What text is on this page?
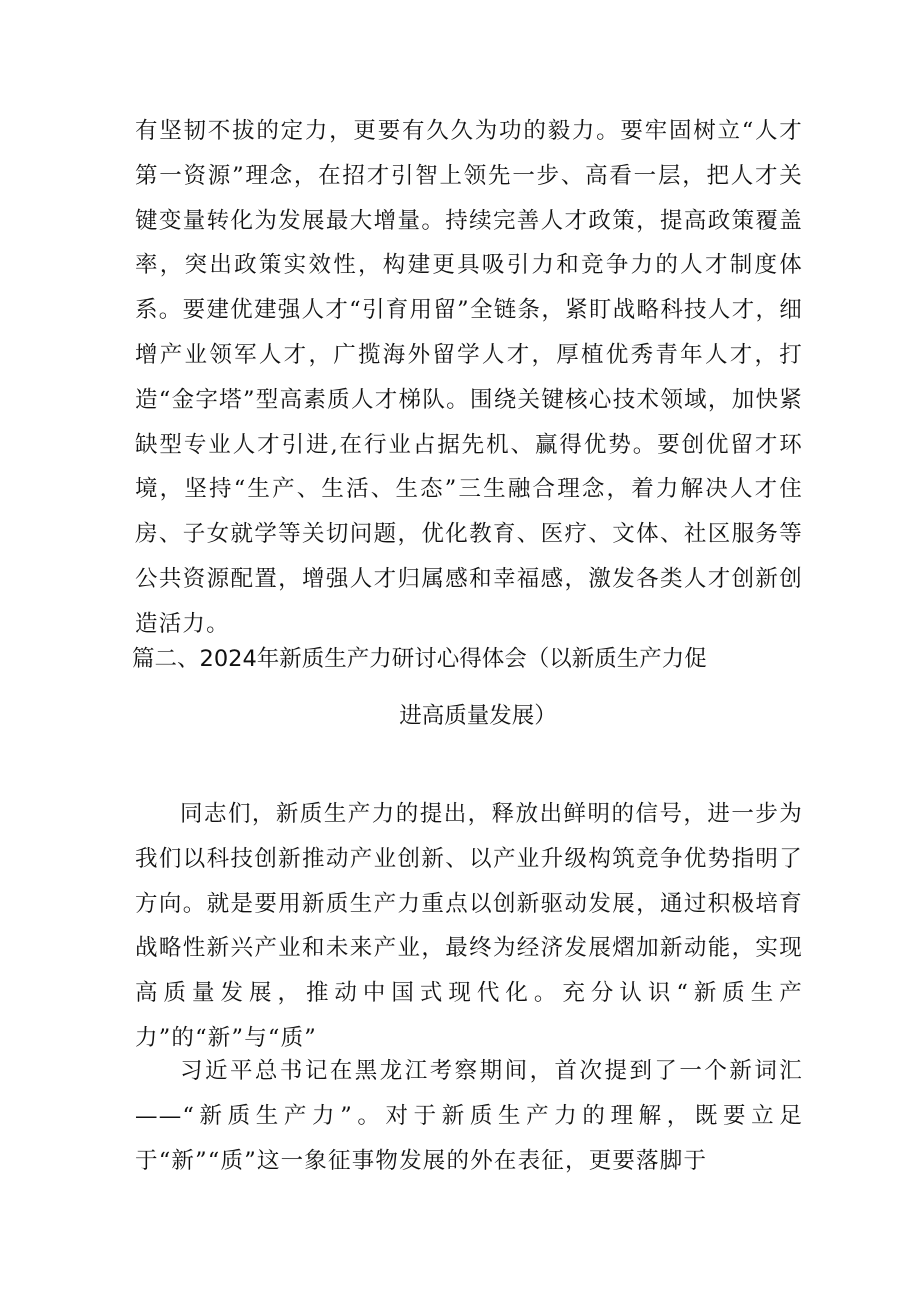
有坚韧不拔的定力，更要有久久为功的毅力。要牢固树立“人才第一资源”理念，在招才引智上领先一步、高看一层，把人才关键变量转化为发展最大增量。持续完善人才政策，提高政策覆盖率，突出政策实效性，构建更具吸引力和竞争力的人才制度体系。要建优建强人才“引育用留”全链条，紧盯战略科技人才，细增产业领军人才，广揽海外留学人才，厚植优秀青年人才，打造“金字塔”型高素质人才梯队。围绕关键核心技术领域，加快紧缺型专业人才引进,在行业占据先机、赢得优势。要创优留才环境，坚持“生产、生活、生态”三生融合理念，着力解决人才住房、子女就学等关切问题，优化教育、医疗、文体、社区服务等公共资源配置，增强人才归属感和幸福感，激发各类人才创新创造活力。

篇二、2024年新质生产力研讨心得体会（以新质生产力促

进高质量发展）

同志们，新质生产力的提出，释放出鲜明的信号，进一步为我们以科技创新推动产业创新、以产业升级构筑竞争优势指明了方向。就是要用新质生产力重点以创新驱动发展，通过积极培育战略性新兴产业和未来产业，最终为经济发展熠加新动能，实现高质量发展，推动中国式现代化。充分认识“新质生产力”的“新”与“质”

习近平总书记在黑龙江考察期间，首次提到了一个新词汇——“新质生产力”。对于新质生产力的理解，既要立足于“新”“质”这一象征事物发展的外在表征，更要落脚于
